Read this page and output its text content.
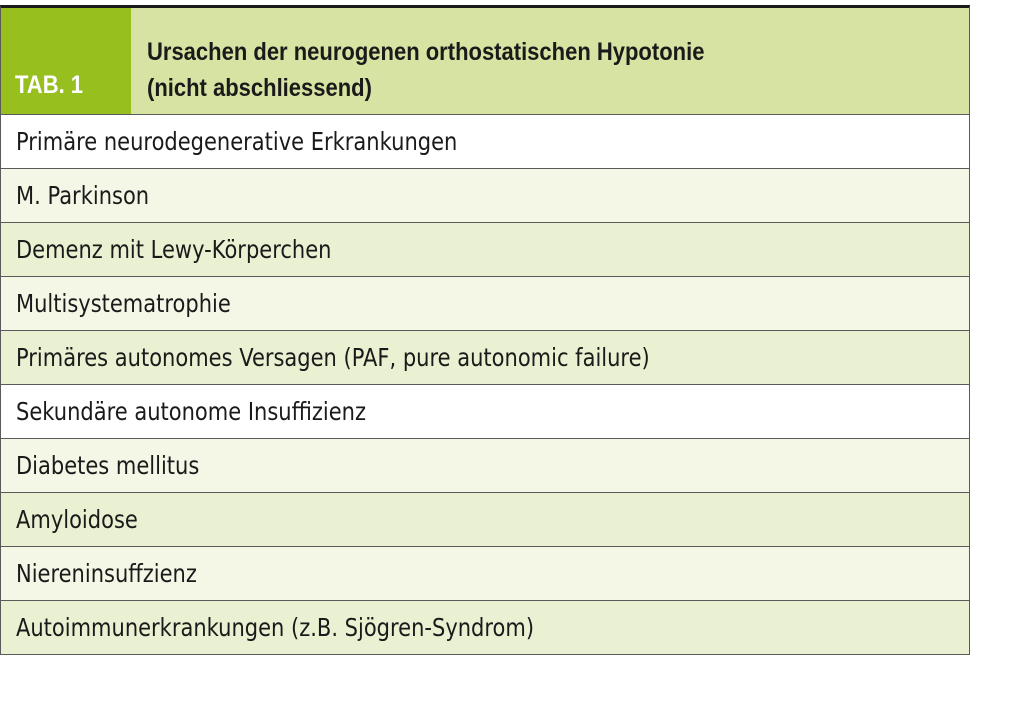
TAB. 1
Ursachen der neurogenen orthostatischen Hypotonie
(nicht abschliessend)
Primäre neurodegenerative Erkrankungen
M. Parkinson
Demenz mit Lewy-Körperchen
Multisystematrophie
Primäres autonomes Versagen (PAF, pure autonomic failure)
Sekundäre autonome Insuffizienz
Diabetes mellitus
Amyloidose
Niereninsuffzienz
Autoimmunerkrankungen (z.B. Sjögren-Syndrom)
